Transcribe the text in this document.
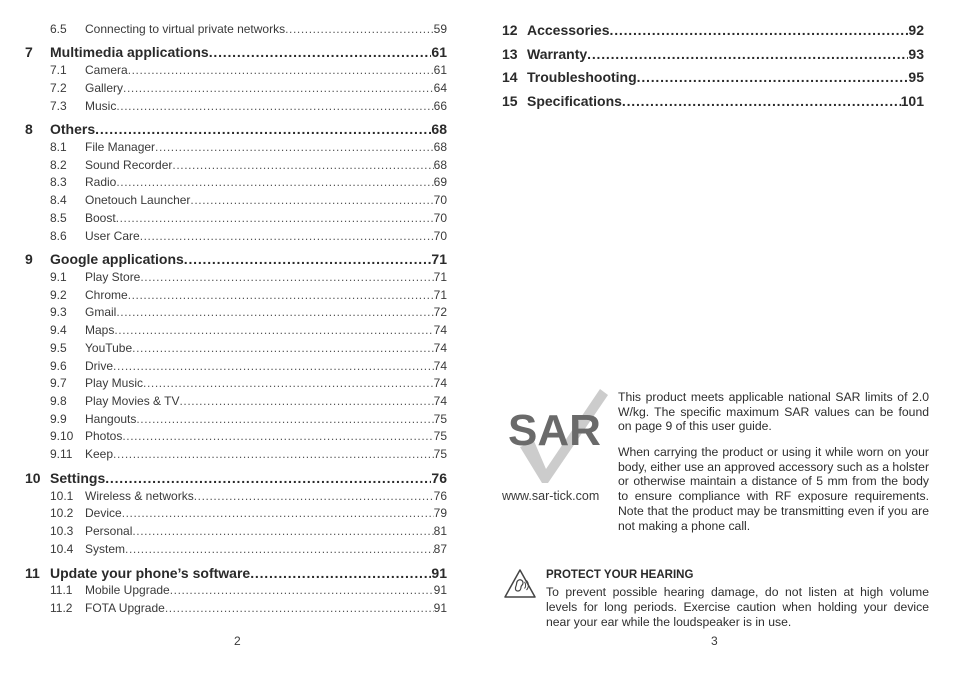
6.5	Connecting to virtual private networks .....	59
7	Multimedia applications .....	61
7.1	Camera .....	61
7.2	Gallery .....	64
7.3	Music .....	66
8	Others .....	68
8.1	File Manager .....	68
8.2	Sound Recorder .....	68
8.3	Radio .....	69
8.4	Onetouch Launcher .....	70
8.5	Boost .....	70
8.6	User Care .....	70
9	Google applications .....	71
9.1	Play Store .....	71
9.2	Chrome .....	71
9.3	Gmail .....	72
9.4	Maps .....	74
9.5	YouTube .....	74
9.6	Drive .....	74
9.7	Play Music .....	74
9.8	Play Movies & TV .....	74
9.9	Hangouts .....	75
9.10 Photos .....	75
9.11	Keep .....	75
10 Settings .....	76
10.1 Wireless & networks .....	76
10.2 Device .....	79
10.3 Personal .....	81
10.4 System .....	87
11 Update your phone’s software .....	91
11.1	Mobile Upgrade .....	91
11.2	FOTA Upgrade .....	91
2
12 Accessories .....	92
13 Warranty .....	93
14 Troubleshooting .....	95
15 Specifications .....	101
3
SAR
www.sar-tick.com
This product meets applicable national SAR limits of 2.0 W/kg. The specific maximum SAR values can be found on page 9 of this user guide.
When carrying the product or using it while worn on your body, either use an approved accessory such as a holster or otherwise maintain a distance of 5 mm from the body to ensure compliance with RF exposure requirements. Note that the product may be transmitting even if you are not making a phone call.
PROTECT YOUR HEARING
To prevent possible hearing damage, do not listen at high volume levels for long periods. Exercise caution when holding your device near your ear while the loudspeaker is in use.
